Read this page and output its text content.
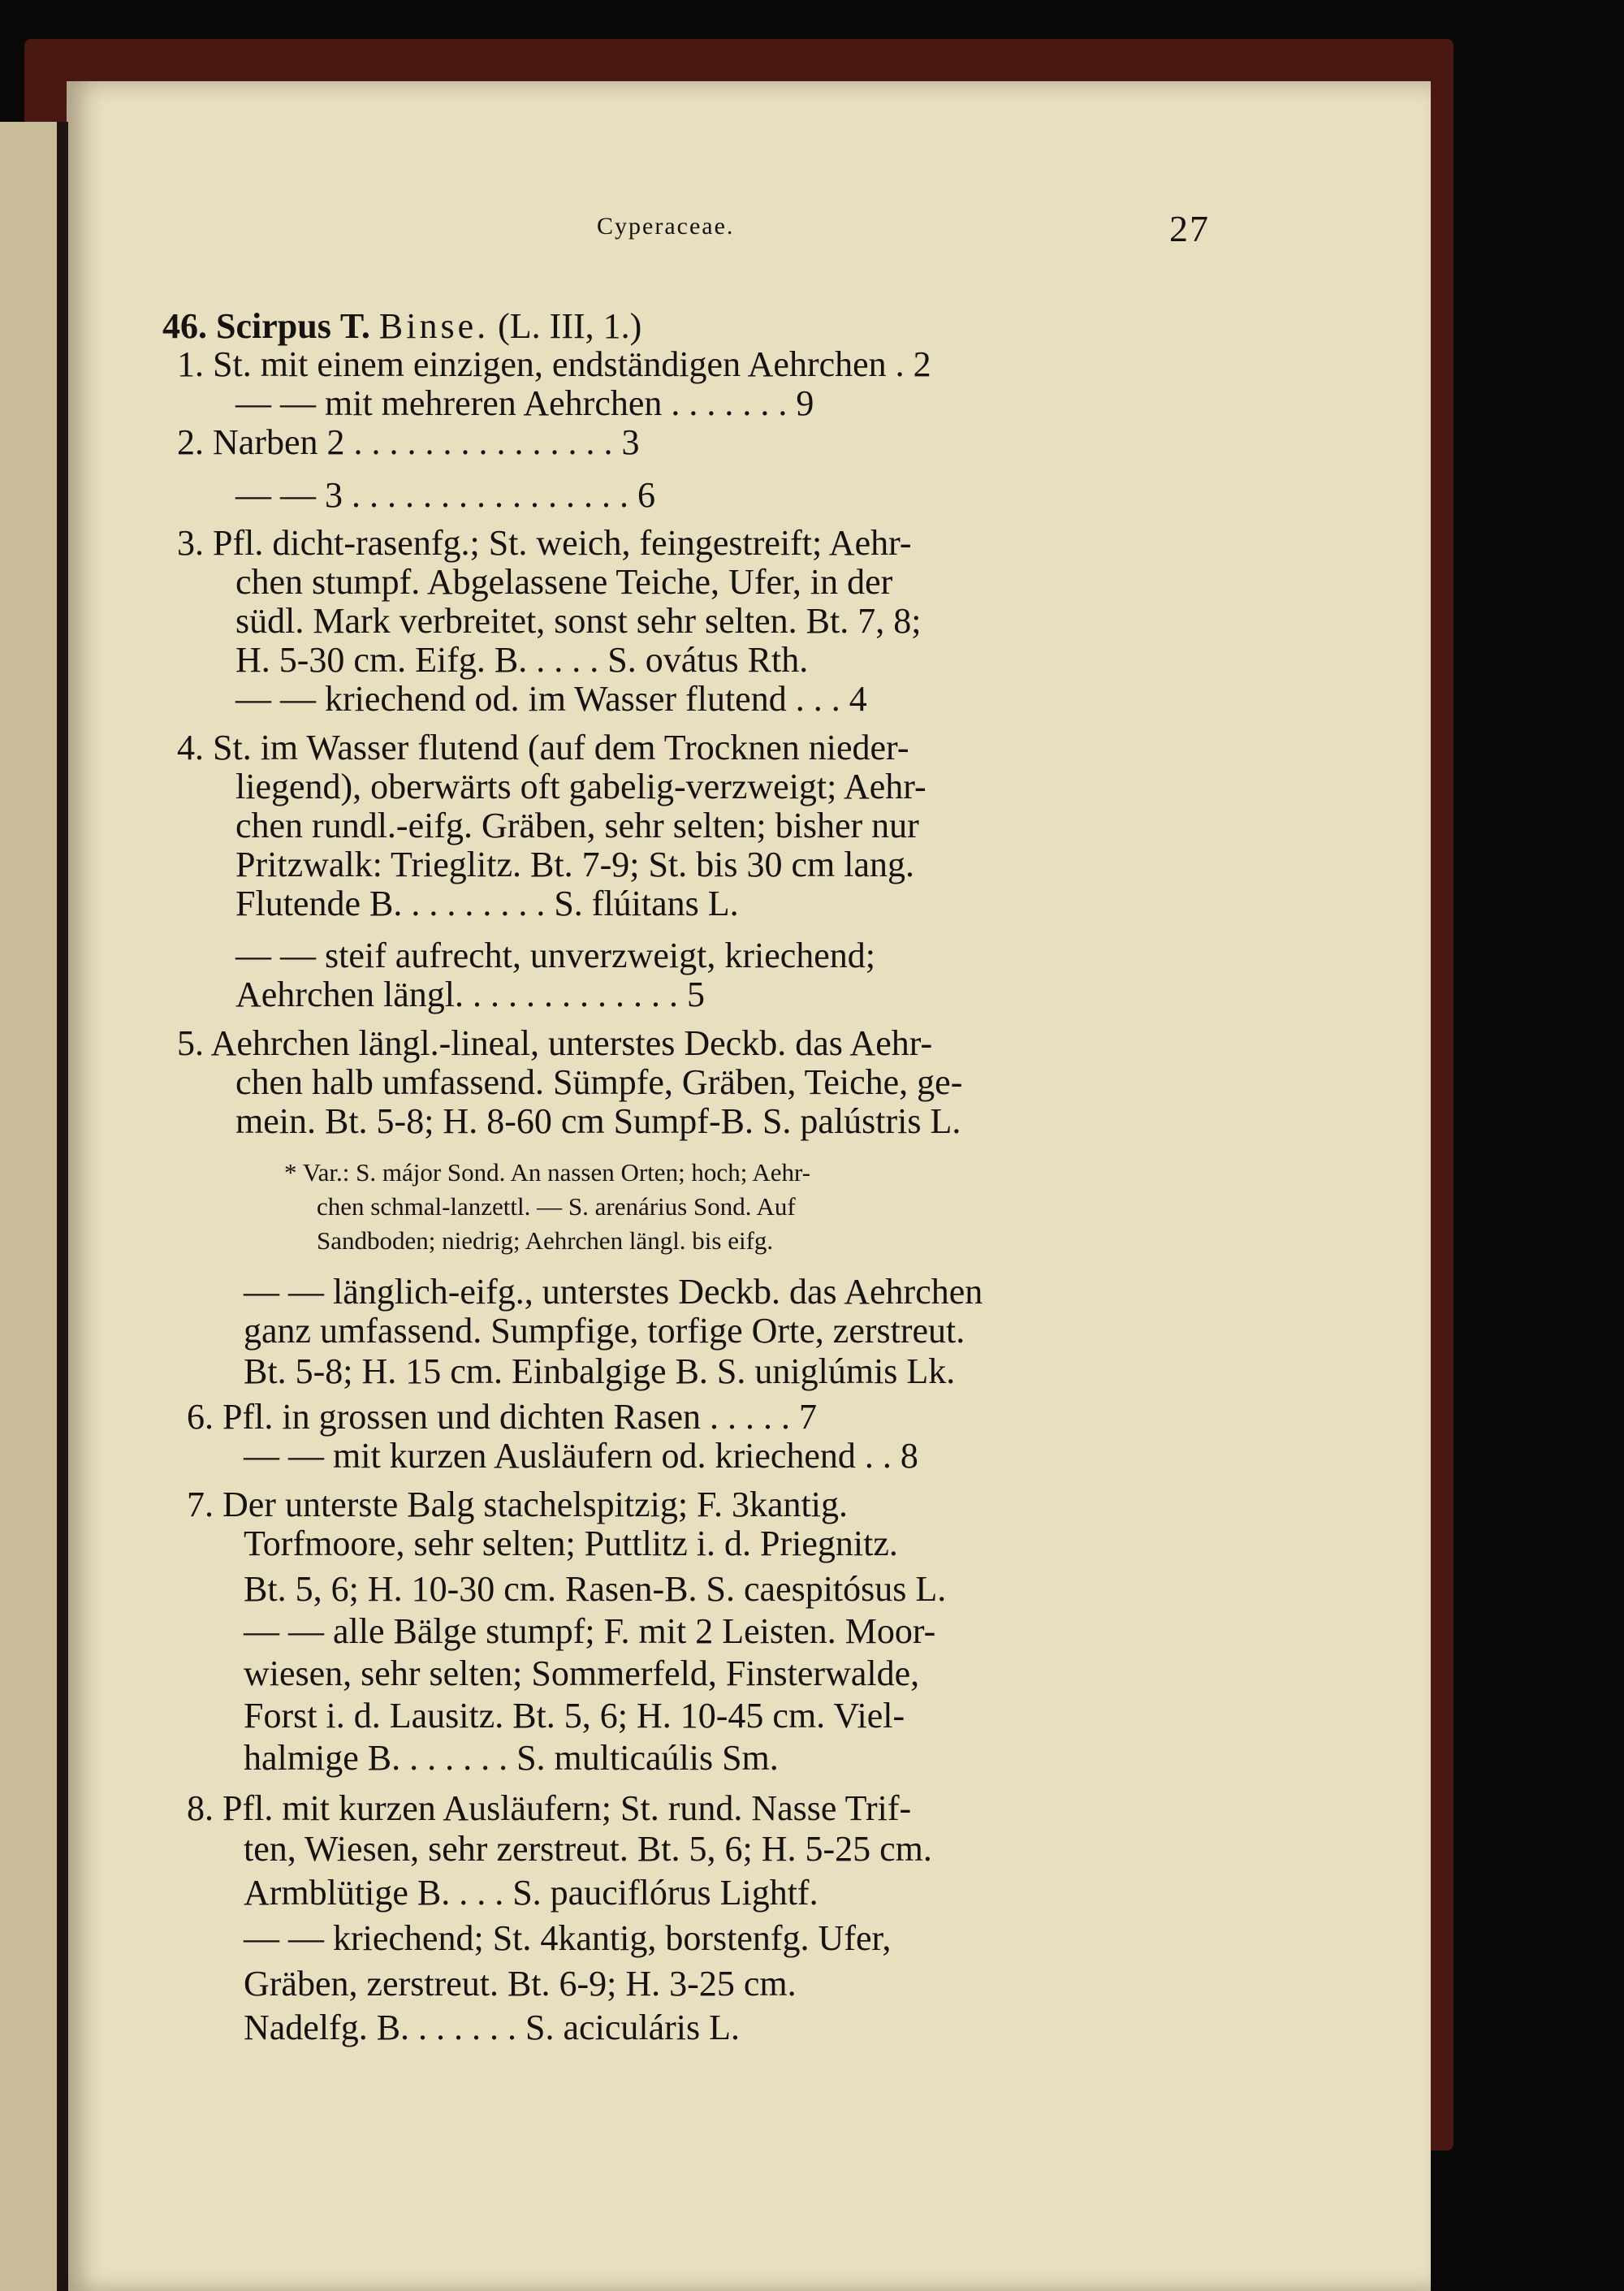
Cyperaceae.	27
46. Scirpus T. Binse. (L. III, 1.)
1. St. mit einem einzigen, endständigen Aehrchen . 2
— — mit mehreren Aehrchen . . . . . . . 9
2. Narben 2 . . . . . . . . . . . . . . . 3
— — 3 . . . . . . . . . . . . . . . . 6
3. Pfl. dicht-rasenfg.; St. weich, feingestreift; Aehr-
chen stumpf. Abgelassene Teiche, Ufer, in der
südl. Mark verbreitet, sonst sehr selten. Bt. 7, 8;
H. 5-30 cm. Eifg. B. . . . . S. ovátus Rth.
— — kriechend od. im Wasser flutend . . . 4
4. St. im Wasser flutend (auf dem Trocknen nieder-
liegend), oberwärts oft gabelig-verzweigt; Aehr-
chen rundl.-eifg. Gräben, sehr selten; bisher nur
Pritzwalk: Trieglitz. Bt. 7-9; St. bis 30 cm lang.
Flutende B. . . . . . . . . S. flúitans L.
— — steif aufrecht, unverzweigt, kriechend;
Aehrchen längl. . . . . . . . . . . . . 5
5. Aehrchen längl.-lineal, unterstes Deckb. das Aehr-
chen halb umfassend. Sümpfe, Gräben, Teiche, ge-
mein. Bt. 5-8; H. 8-60 cm Sumpf-B. S. palústris L.
* Var.: S. májor Sond. An nassen Orten; hoch; Aehr-
chen schmal-lanzettl. — S. arenárius Sond. Auf
Sandboden; niedrig; Aehrchen längl. bis eifg.
— — länglich-eifg., unterstes Deckb. das Aehrchen
ganz umfassend. Sumpfige, torfige Orte, zerstreut.
Bt. 5-8; H. 15 cm. Einbalgige B. S. uniglúmis Lk.
6. Pfl. in grossen und dichten Rasen . . . . . 7
— — mit kurzen Ausläufern od. kriechend . . 8
7. Der unterste Balg stachelspitzig; F. 3kantig.
Torfmoore, sehr selten; Puttlitz i. d. Priegnitz.
Bt. 5, 6; H. 10-30 cm. Rasen-B. S. caespitósus L.
— — alle Bälge stumpf; F. mit 2 Leisten. Moor-
wiesen, sehr selten; Sommerfeld, Finsterwalde,
Forst i. d. Lausitz. Bt. 5, 6; H. 10-45 cm. Viel-
halmige B. . . . . . . S. multicaúlis Sm.
8. Pfl. mit kurzen Ausläufern; St. rund. Nasse Trif-
ten, Wiesen, sehr zerstreut. Bt. 5, 6; H. 5-25 cm.
Armblütige B. . . . S. pauciflórus Lightf.
— — kriechend; St. 4kantig, borstenfg. Ufer,
Gräben, zerstreut. Bt. 6-9; H. 3-25 cm.
Nadelfg. B. . . . . . . S. aciculáris L.
